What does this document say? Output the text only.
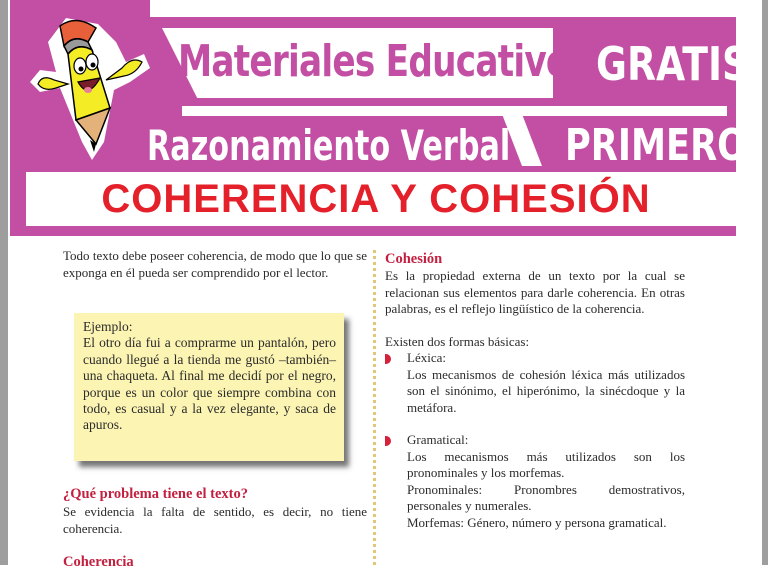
Materiales Educativos GRATIS
Razonamiento Verbal PRIMERO
COHERENCIA Y COHESIÓN

Todo texto debe poseer coherencia, de modo que lo que se exponga en él pueda ser comprendido por el lector.

Ejemplo:

El otro día fui a comprarme un pantalón, pero cuando llegué a la tienda me gustó –también– una chaqueta. Al final me decidí por el negro, porque es un color que siempre combina con todo, es casual y a la vez elegante, y saca de apuros.

¿Qué problema tiene el texto?
Se evidencia la falta de sentido, es decir, no tiene coherencia.
Coherencia

Cohesión

Es la propiedad externa de un texto por la cual se relacionan sus elementos para darle coherencia. En otras palabras, es el reflejo lingüístico de la coherencia.

Existen dos formas básicas:

Léxica:

Los mecanismos de cohesión léxica más utilizados son el sinónimo, el hiperónimo, la sinécdoque y la metáfora.

Gramatical:

Los mecanismos más utilizados son los pronominales y los morfemas.

Pronominales: Pronombres demostrativos, personales y numerales.

Morfemas: Género, número y persona gramatical.
